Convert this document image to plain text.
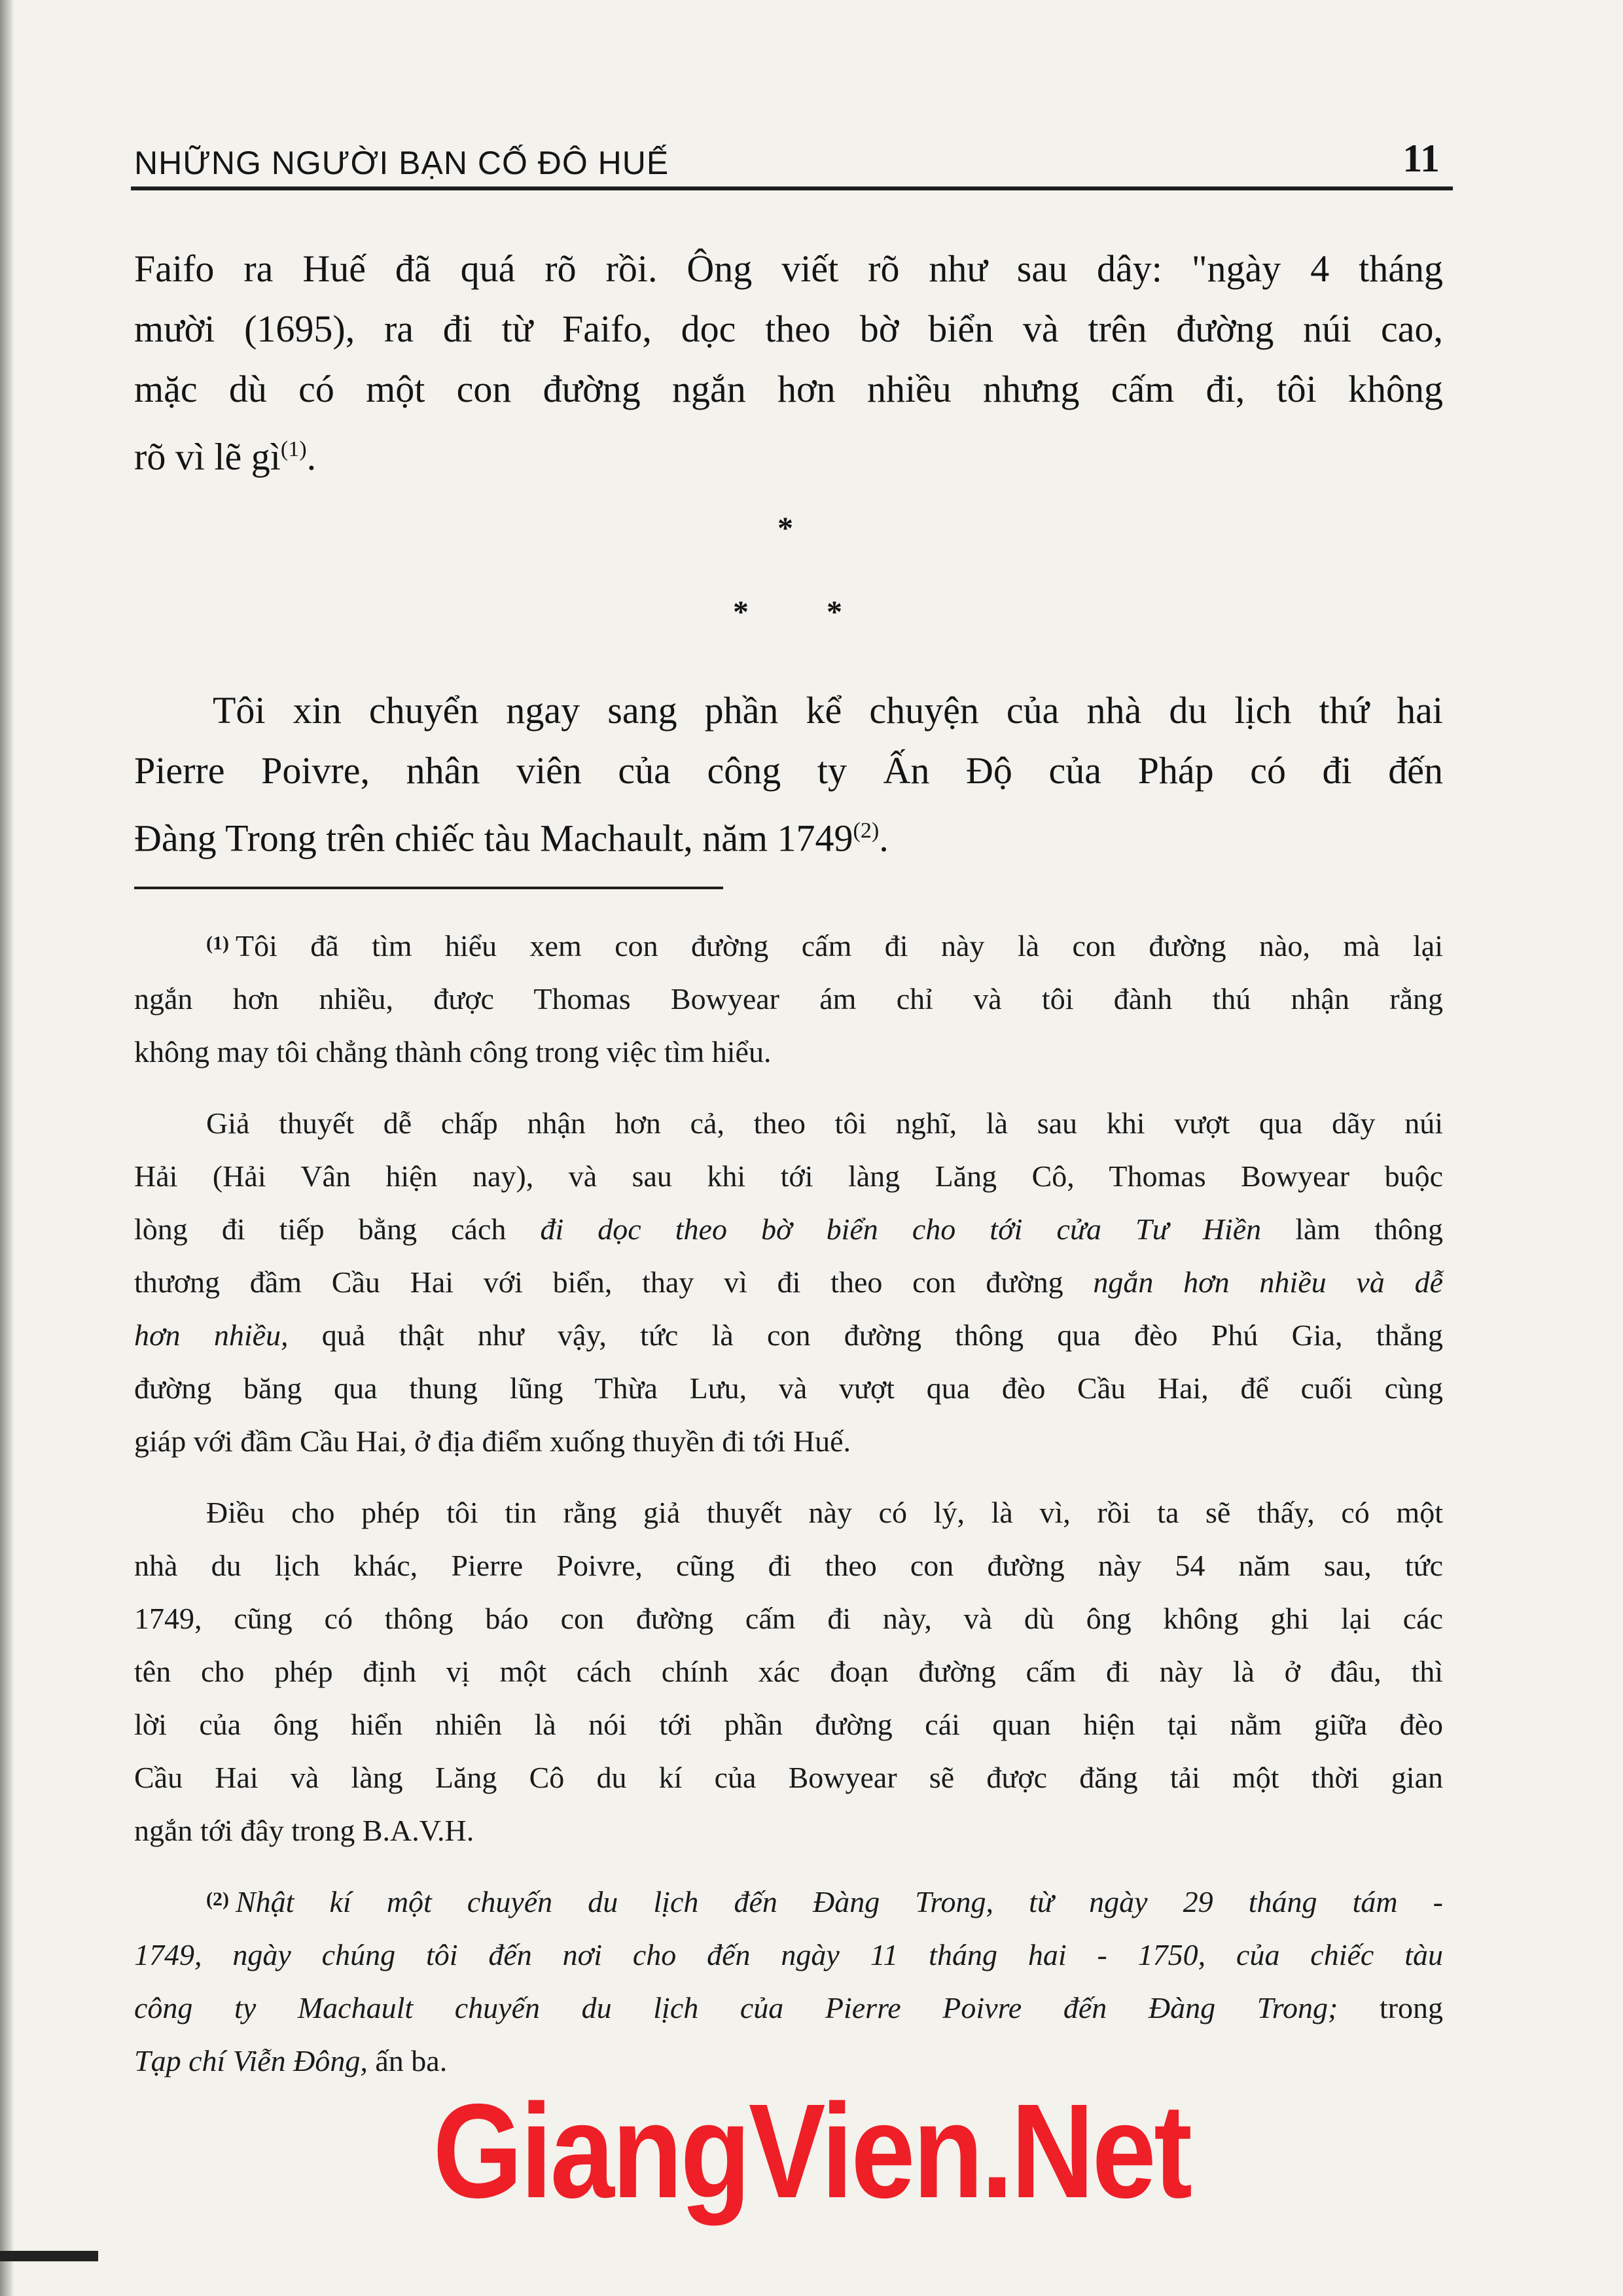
NHỮNG NGƯỜI BẠN CỐ ĐÔ HUẾ	11

Faifo ra Huế đã quá rõ rồi. Ông viết rõ như sau dây: "ngày 4 tháng

mười (1695), ra đi từ Faifo, dọc theo bờ biển và trên đường núi cao,

mặc dù có một con đường ngắn hơn nhiều nhưng cấm đi, tôi không

rõ vì lẽ $gì^{(1)}$.

*
* *

Tôi xin chuyển ngay sang phần kể chuyện của nhà du lịch thứ hai

Pierre Poivre, nhân viên của công ty Ấn Độ của Pháp có đi đến

Đàng Trong trên chiếc tàu Machault, năm 1749$^{(2)}$.

$^{(1)}$ Tôi đã tìm hiểu xem con đường cấm đi này là con đường nào, mà lại
ngắn hơn nhiều, được Thomas Bowyear ám chỉ và tôi đành thú nhận rằng
không may tôi chẳng thành công trong việc tìm hiểu.
Giả thuyết dễ chấp nhận hơn cả, theo tôi nghĩ, là sau khi vượt qua dãy núi
Hải (Hải Vân hiện nay), và sau khi tới làng Lăng Cô, Thomas Bowyear buộc
lòng đi tiếp bằng cách đi dọc theo bờ biển cho tới cửa Tư Hiền làm thông
thương đầm Cầu Hai với biển, thay vì đi theo con đường ngắn hơn nhiều và dễ
hơn nhiều, quả thật như vậy, tức là con đường thông qua đèo Phú Gia, thẳng
đường băng qua thung lũng Thừa Lưu, và vượt qua đèo Cầu Hai, để cuối cùng
giáp với đầm Cầu Hai, ở địa điểm xuống thuyền đi tới Huế.
Điều cho phép tôi tin rằng giả thuyết này có lý, là vì, rồi ta sẽ thấy, có một
nhà du lịch khác, Pierre Poivre, cũng đi theo con đường này 54 năm sau, tức
1749, cũng có thông báo con đường cấm đi này, và dù ông không ghi lại các
tên cho phép định vị một cách chính xác đoạn đường cấm đi này là ở đâu, thì
lời của ông hiển nhiên là nói tới phần đường cái quan hiện tại nằm giữa đèo
Cầu Hai và làng Lăng Cô du kí của Bowyear sẽ được đăng tải một thời gian
ngắn tới đây trong B.A.V.H.
$^{(2)}$ Nhật kí một chuyến du lịch đến Đàng Trong, từ ngày 29 tháng tám -
1749, ngày chúng tôi đến nơi cho đến ngày 11 tháng hai - 1750, của chiếc tàu
công ty Machault chuyến du lịch của Pierre Poivre đến Đàng Trong; trong
Tạp chí Viễn Đông, ấn ba.
GiangVien.Net
